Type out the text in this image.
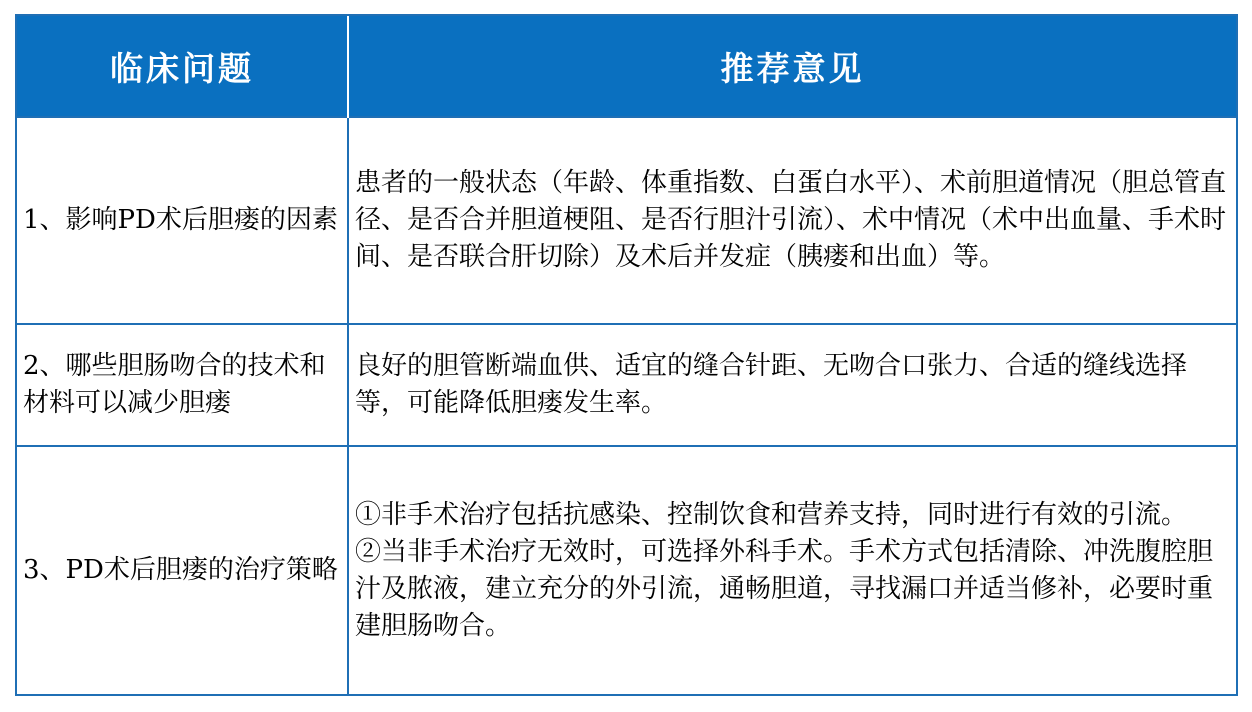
临床问题	推荐意见
1、影响PD术后胆瘘的因素	患者的一般状态（年龄、体重指数、白蛋白水平）、术前胆道情况（胆总管直径、是否合并胆道梗阻、是否行胆汁引流）、术中情况（术中出血量、手术时间、是否联合肝切除）及术后并发症（胰瘘和出血）等。

2、哪些胆肠吻合的技术和材料可以减少胆瘘	良好的胆管断端血供、适宜的缝合针距、无吻合口张力、合适的缝线选择等，可能降低胆瘘发生率。

3、PD术后胆瘘的治疗策略	①非手术治疗包括抗感染、控制饮食和营养支持，同时进行有效的引流。
②当非手术治疗无效时，可选择外科手术。手术方式包括清除、冲洗腹腔胆汁及脓液，建立充分的外引流，通畅胆道，寻找漏口并适当修补，必要时重建胆肠吻合。
